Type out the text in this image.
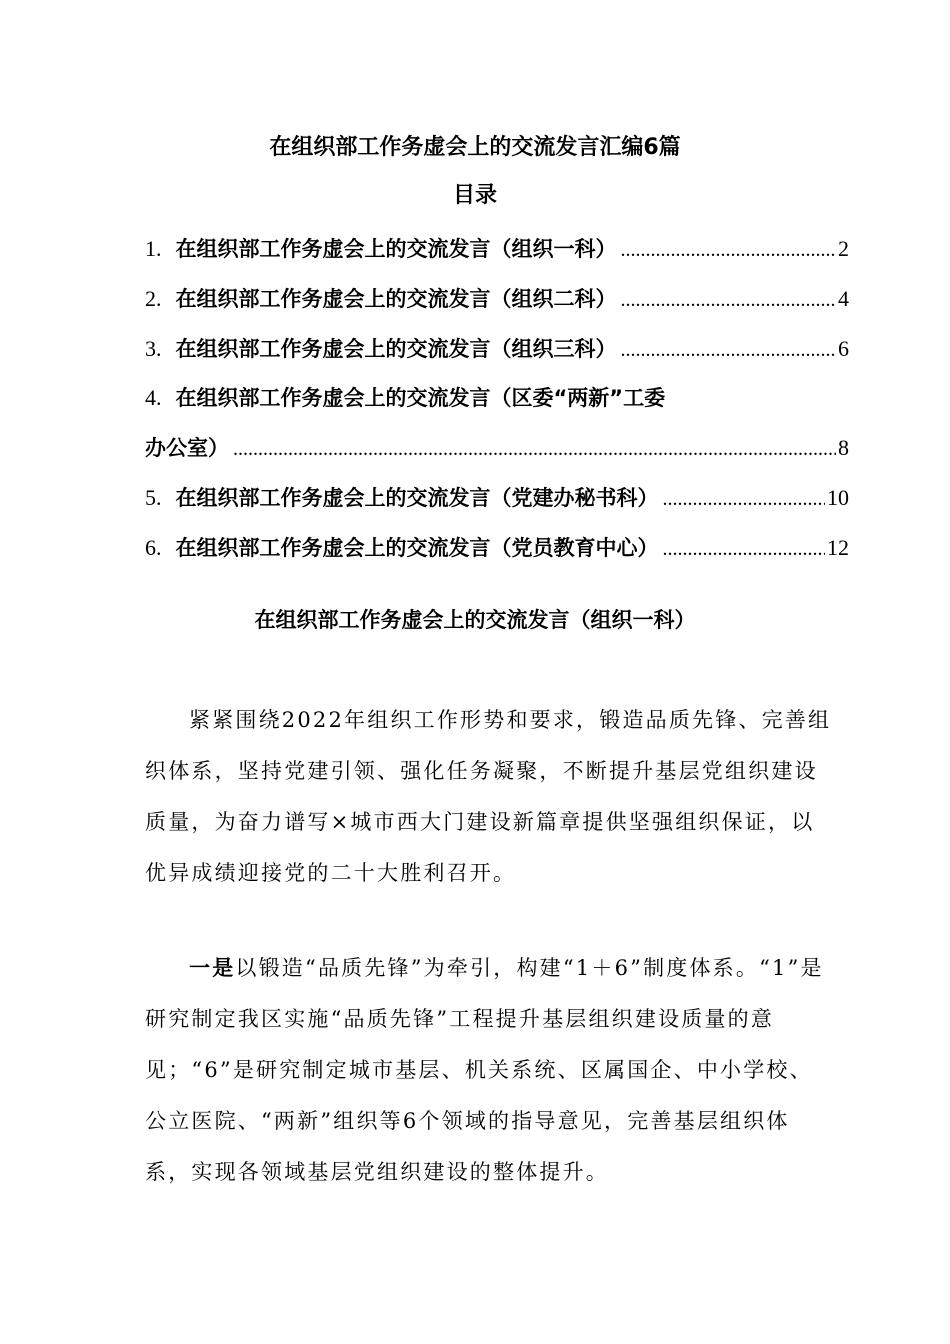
在组织部工作务虚会上的交流发言汇编6篇
目录
1. 在组织部工作务虚会上的交流发言（组织一科） .....	2
2. 在组织部工作务虚会上的交流发言（组织二科） .....	4
3. 在组织部工作务虚会上的交流发言（组织三科） .....	6
4. 在组织部工作务虚会上的交流发言（区委“两新”工委
办公室） .....	8
5. 在组织部工作务虚会上的交流发言（党建办秘书科） .....	10
6. 在组织部工作务虚会上的交流发言（党员教育中心） .....	12
在组织部工作务虚会上的交流发言（组织一科）

紧紧围绕2022年组织工作形势和要求，锻造品质先锋、完善组织体系，坚持党建引领、强化任务凝聚，不断提升基层党组织建设质量，为奋力谱写×城市西大门建设新篇章提供坚强组织保证，以优异成绩迎接党的二十大胜利召开。

一是以锻造“品质先锋”为牵引，构建“1＋6”制度体系。“1”是研究制定我区实施“品质先锋”工程提升基层组织建设质量的意见；“6”是研究制定城市基层、机关系统、区属国企、中小学校、公立医院、“两新”组织等6个领域的指导意见，完善基层组织体系，实现各领域基层党组织建设的整体提升。
